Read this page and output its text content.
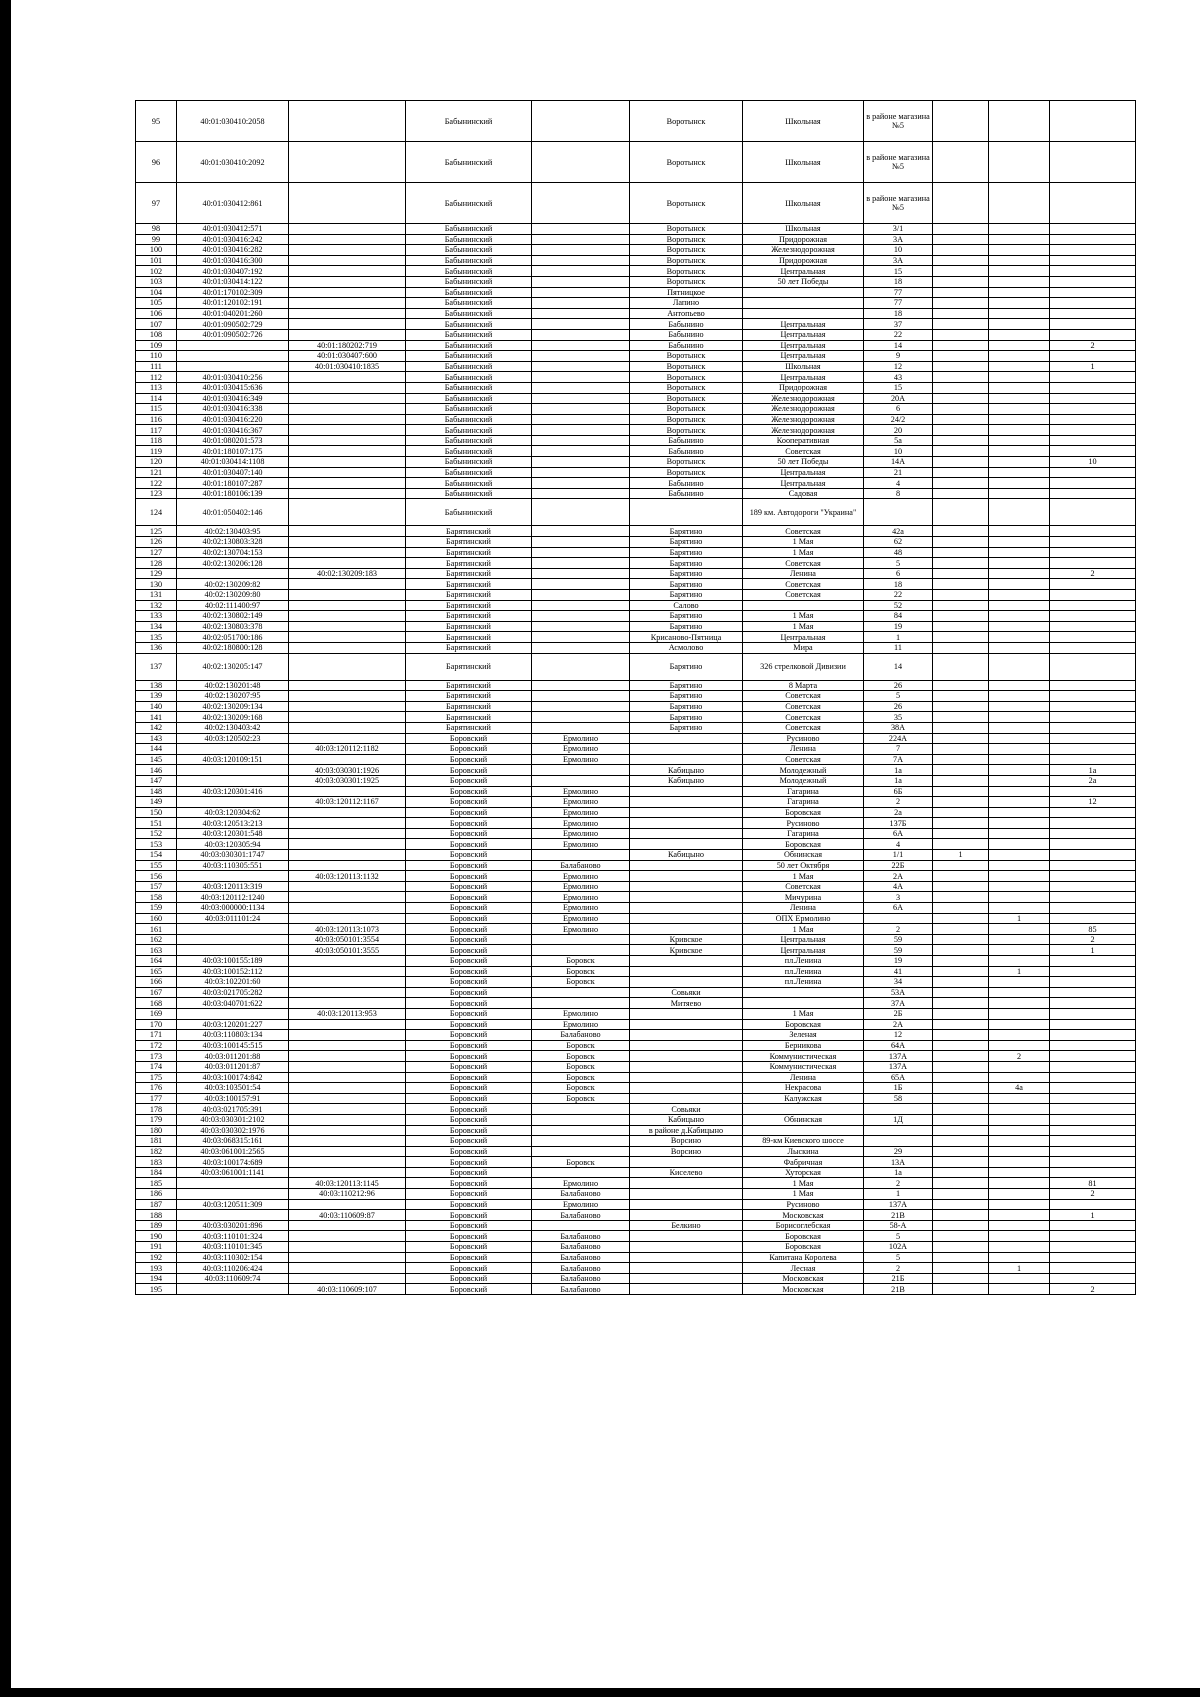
95	40:01:030410:2058		Бабынинский		Воротынск	Школьная	в районе магазина №5			
96	40:01:030410:2092		Бабынинский		Воротынск	Школьная	в районе магазина №5			
97	40:01:030412:861		Бабынинский		Воротынск	Школьная	в районе магазина №5			
98	40:01:030412:571		Бабынинский		Воротынск	Школьная	3/1			
99	40:01:030416:242		Бабынинский		Воротынск	Придорожная	3А			
100	40:01:030416:282		Бабынинский		Воротынск	Железнодорожная	10			
101	40:01:030416:300		Бабынинский		Воротынск	Придорожная	3А			
102	40:01:030407:192		Бабынинский		Воротынск	Центральная	15			
103	40:01:030414:122		Бабынинский		Воротынск	50 лет Победы	18			
104	40:01:170102:309		Бабынинский		Пятницкое		77			
105	40:01:120102:191		Бабынинский		Лапино		77			
106	40:01:040201:260		Бабынинский		Антопьево		18			
107	40:01:090502:729		Бабынинский		Бабынино	Центральная	37			
108	40:01:090502:726		Бабынинский		Бабынино	Центральная	22			
109		40:01:180202:719	Бабынинский		Бабынино	Центральная	14			2
110		40:01:030407:600	Бабынинский		Воротынск	Центральная	9			
111		40:01:030410:1835	Бабынинский		Воротынск	Школьная	12			1
112	40:01:030410:256		Бабынинский		Воротынск	Центральная	43			
113	40:01:030415:636		Бабынинский		Воротынск	Придорожная	15			
114	40:01:030416:349		Бабынинский		Воротынск	Железнодорожная	20А			
115	40:01:030416:338		Бабынинский		Воротынск	Железнодорожная	6			
116	40:01:030416:220		Бабынинский		Воротынск	Железнодорожная	24/2			
117	40:01:030416:367		Бабынинский		Воротынск	Железнодорожная	20			
118	40:01:080201:573		Бабынинский		Бабынино	Кооперативная	5а			
119	40:01:180107:175		Бабынинский		Бабынино	Советская	10			
120	40:01:030414:1108		Бабынинский		Воротынск	50 лет Победы	14А			10
121	40:01:030407:140		Бабынинский		Воротынск	Центральная	21			
122	40:01:180107:287		Бабынинский		Бабынино	Центральная	4			
123	40:01:180106:139		Бабынинский		Бабынино	Садовая	8			
124	40:01:050402:146		Бабынинский			189 км. Автодороги "Украина"				
125	40:02:130403:95		Барятинский		Барятино	Советская	42а			
126	40:02:130803:328		Барятинский		Барятино	1 Мая	62			
127	40:02:130704:153		Барятинский		Барятино	1 Мая	48			
128	40:02:130206:128		Барятинский		Барятино	Советская	5			
129		40:02:130209:183	Барятинский		Барятино	Ленина	6			2
130	40:02:130209:82		Барятинский		Барятино	Советская	18			
131	40:02:130209:80		Барятинский		Барятино	Советская	22			
132	40:02:111400:97		Барятинский		Салово		52			
133	40:02:130802:149		Барятинский		Барятино	1 Мая	84			
134	40:02:130803:378		Барятинский		Барятино	1 Мая	19			
135	40:02:051700:186		Барятинский		Крисаново-Пятница	Центральная	1			
136	40:02:180800:128		Барятинский		Асмолово	Мира	11			
137	40:02:130205:147		Барятинский		Барятино	326 стрелковой Дивизии	14			
138	40:02:130201:48		Барятинский		Барятино	8 Марта	26			
139	40:02:130207:95		Барятинский		Барятино	Советская	5			
140	40:02:130209:134		Барятинский		Барятино	Советская	26			
141	40:02:130209:168		Барятинский		Барятино	Советская	35			
142	40:02:130403:42		Барятинский		Барятино	Советская	38А			
143	40:03:120502:23		Боровский	Ермолино		Русиново	224А			
144		40:03:120112:1182	Боровский	Ермолино		Ленина	7			
145	40:03:120109:151		Боровский	Ермолино		Советская	7А			
146		40:03:030301:1926	Боровский		Кабицыно	Молодежный	1а			1а
147		40:03:030301:1925	Боровский		Кабицыно	Молодежный	1а			2а
148	40:03:120301:416		Боровский	Ермолино		Гагарина	6Б			
149		40:03:120112:1167	Боровский	Ермолино		Гагарина	2			12
150	40:03:120304:62		Боровский	Ермолино		Боровская	2а			
151	40:03:120513:213		Боровский	Ермолино		Русиново	137Б			
152	40:03:120301:548		Боровский	Ермолино		Гагарина	6А			
153	40:03:120305:94		Боровский	Ермолино		Боровская	4			
154	40:03:030301:1747		Боровский		Кабицыно	Обнинская	1/1	1		
155	40:03:110305:551		Боровский	Балабаново		50 лет Октября	22Б			
156		40:03:120113:1132	Боровский	Ермолино		1 Мая	2А			
157	40:03:120113:319		Боровский	Ермолино		Советская	4А			
158	40:03:120112:1240		Боровский	Ермолино		Мичурина	3			
159	40:03:000000:1134		Боровский	Ермолино		Ленина	6А			
160	40:03:011101:24		Боровский	Ермолино		ОПХ Ермолино			1	
161		40:03:120113:1073	Боровский	Ермолино		1 Мая	2			85
162		40:03:050101:3554	Боровский		Кривское	Центральная	59			2
163		40:03:050101:3555	Боровский		Кривское	Центральная	59			1
164	40:03:100155:189		Боровский	Боровск		пл.Ленина	19			
165	40:03:100152:112		Боровский	Боровск		пл.Ленина	41		1	
166	40:03:102201:60		Боровский	Боровск		пл.Ленина	34			
167	40:03:021705:282		Боровский		Совьяки		53А			
168	40:03:040701:622		Боровский		Митяево		37А			
169		40:03:120113:953	Боровский	Ермолино		1 Мая	2Б			
170	40:03:120201:227		Боровский	Ермолино		Боровская	2А			
171	40:03:110803:134		Боровский	Балабаново		Зеленая	12			
172	40:03:100145:515		Боровский	Боровск		Берникова	64А			
173	40:03:011201:88		Боровский	Боровск		Коммунистическая	137А		2	
174	40:03:011201:87		Боровский	Боровск		Коммунистическая	137А			
175	40:03:100174:842		Боровский	Боровск		Ленина	65А			
176	40:03:103501:54		Боровский	Боровск		Некрасова	1Б		4а	
177	40:03:100157:91		Боровский	Боровск		Калужская	58			
178	40:03:021705:391		Боровский		Совьяки					
179	40:03:030301:2102		Боровский		Кабицыно	Обнинская	1Д			
180	40:03:030302:1976		Боровский		в районе д.Кабицыно					
181	40:03:068315:161		Боровский		Ворсино	89-км Киевского шоссе				
182	40:03:061001:2565		Боровский		Ворсино	Лыскина	29			
183	40:03:100174:689		Боровский	Боровск		Фабричная	13А			
184	40:03:061001:1141		Боровский		Киселево	Хуторская	1а			
185		40:03:120113:1145	Боровский	Ермолино		1 Мая	2			81
186		40:03:110212:96	Боровский	Балабаново		1 Мая	1			2
187	40:03:120511:309		Боровский	Ермолино		Русиново	137А			
188		40:03:110609:87	Боровский	Балабаново		Московская	21В			1
189	40:03:030201:896		Боровский		Белкино	Борисоглебская	58-А			
190	40:03:110101:324		Боровский	Балабаново		Боровская	5			
191	40:03:110101:345		Боровский	Балабаново		Боровская	102А			
192	40:03:110302:154		Боровский	Балабаново		Капитана Королева	5			
193	40:03:110206:424		Боровский	Балабаново		Лесная	2		1	
194	40:03:110609:74		Боровский	Балабаново		Московская	21Б			
195		40:03:110609:107	Боровский	Балабаново		Московская	21В			2
